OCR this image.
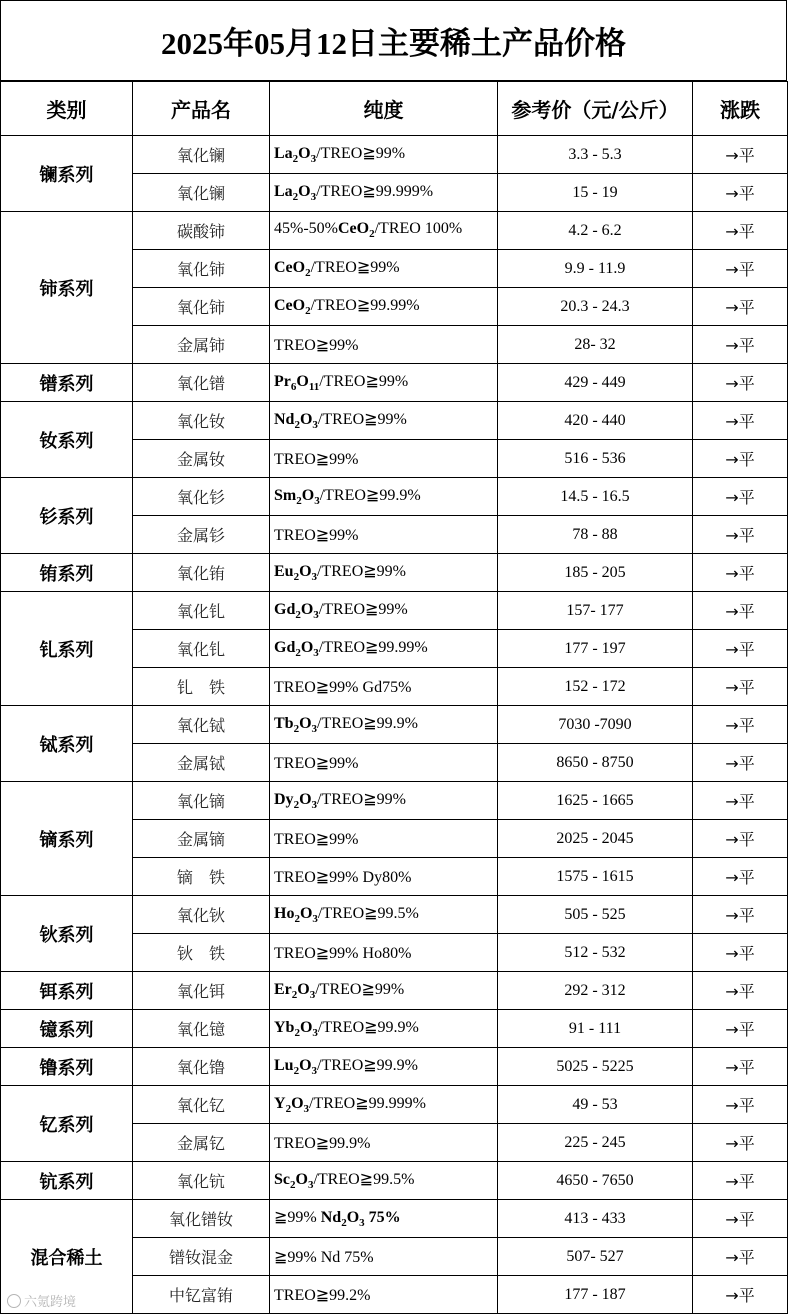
2025年05月12日主要稀土产品价格
类别	产品名	纯度	参考价（元/公斤）	涨跌
镧系列	氧化镧	$La_2O_3/TREO≧99\%$	3.3 - 5.3	→平
	氧化镧	$La_2O_3/TREO≧99.999\%$	15 - 19	→平
铈系列	碳酸铈	45%-50%CeO$_2$/TREO 100%	4.2 - 6.2	→平
	氧化铈	CeO$_2$/TREO≧99%	9.9 - 11.9	→平
	氧化铈	CeO$_2$/TREO≧99.99%	20.3 - 24.3	→平
	金属铈	TREO≧99%	28- 32	→平
镨系列	氧化镨	$Pr_6O_{11}/TREO≧99\%$	429 - 449	→平
钕系列	氧化钕	$Nd_2O_3/TREO≧99\%$	420 - 440	→平
	金属钕	TREO≧99%	516 - 536	→平
钐系列	氧化钐	$Sm_2O_3/TREO≧99.9\%$	14.5 - 16.5	→平
	金属钐	TREO≧99%	78 - 88	→平
铕系列	氧化铕	$Eu_2O_3/TREO≧99\%$	185 - 205	→平
钆系列	氧化钆	$Gd_2O_3/TREO≧99\%$	157- 177	→平
	氧化钆	$Gd_2O_3/TREO≧99.99\%$	177 - 197	→平
	钆　铁	TREO≧99% Gd75%	152 - 172	→平
铽系列	氧化铽	$Tb_2O_3/TREO≧99.9\%$	7030 -7090	→平
	金属铽	TREO≧99%	8650 - 8750	→平
镝系列	氧化镝	$Dy_2O_3/TREO≧99\%$	1625 - 1665	→平
	金属镝	TREO≧99%	2025 - 2045	→平
	镝　铁	TREO≧99% Dy80%	1575 - 1615	→平
钬系列	氧化钬	$Ho_2O_3/TREO≧99.5\%$	505 - 525	→平
	钬　铁	TREO≧99% Ho80%	512 - 532	→平
铒系列	氧化铒	$Er_2O_3/TREO≧99\%$	292 - 312	→平
镱系列	氧化镱	$Yb_2O_3/TREO≧99.9\%$	91 - 111	→平
镥系列	氧化镥	$Lu_2O_3/TREO≧99.9\%$	5025 - 5225	→平
钇系列	氧化钇	$Y_2O_3/TREO≧99.999\%$	49 - 53	→平
	金属钇	TREO≧99.9%	225 - 245	→平
钪系列	氧化钪	$Sc_2O_3/TREO≧99.5\%$	4650 - 7650	→平
混合稀土	氧化镨钕	≧99% $Nd_2O_3$ 75%	413 - 433	→平
	镨钕混金	≧99% Nd 75%	507- 527	→平
	中钇富铕	TREO≧99.2%	177 - 187	→平
六氪跨境
